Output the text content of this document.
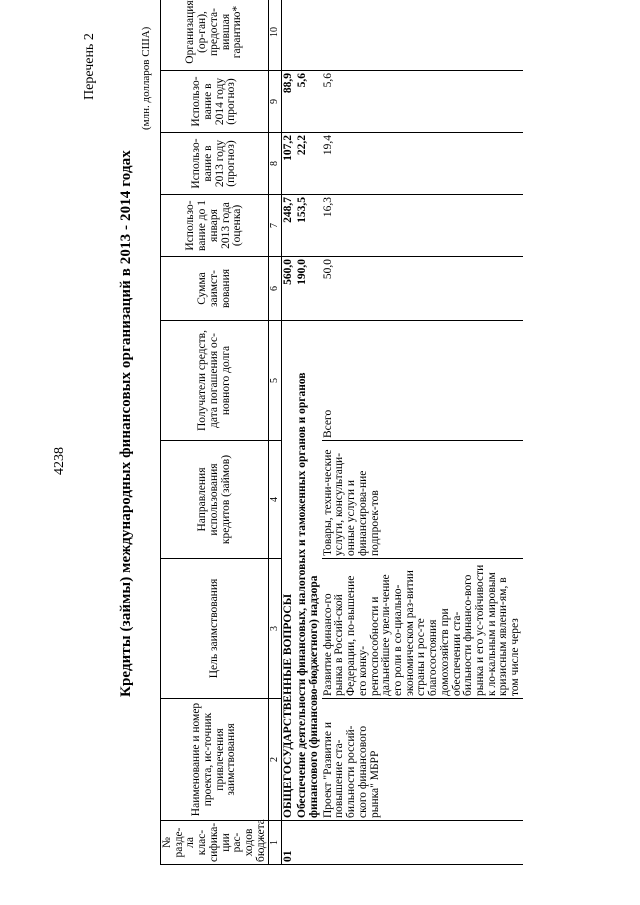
4238
Перечень 2
Кредиты (займы) международных финансовых организаций в 2013 - 2014 годах
(млн. долларов США)
№ разде-ла клас-сифика-ции рас-ходов бюджета	Наименование и номер проекта, ис-точник привлечения заимствования	Цель заимствования	Направления использования кредитов (займов)	Получатели средств, дата погашения ос-новного долга	Сумма заимст-вования	Использо-вание до 1 января 2013 года (оценка)	Использо-вание в 2013 году (прогноз)	Использо-вание в 2014 году (прогноз)	Организация (ор-ган), предоста-вившая гарантию*
1	2	3	4	5	6	7	8	9	10
01	ОБЩЕГОСУДАРСТВЕННЫЕ ВОПРОСЫ				560,0	248,7	107,2	88,9	
	Обеспечение деятельности финансовых, налоговых и таможенных органов и органов финансового (финансово-бюджетного) надзора				190,0	153,5	22,2	5,6	
	Проект "Развитие и повышение ста-бильности россий-ского финансового рынка" МБРР	Развитие финансо-го рынка в Россий-ской Федерации, по-вышение его конку-рентоспособности и дальнейшее увели-чение его роли в со-циально-экономическом раз-витии страны и рос-те благосостояния домохозяйств при обеспечении ста-бильности финансо-вого рынка и его ус-тойчивости к ло-кальным и мировым кризисным явлени-ям, в том числе через	Товары, техни-ческие услуги, консультаци-онные услуги и финансирова-ние подпроек-тов	Всего	50,0	16,3	19,4	5,6	
